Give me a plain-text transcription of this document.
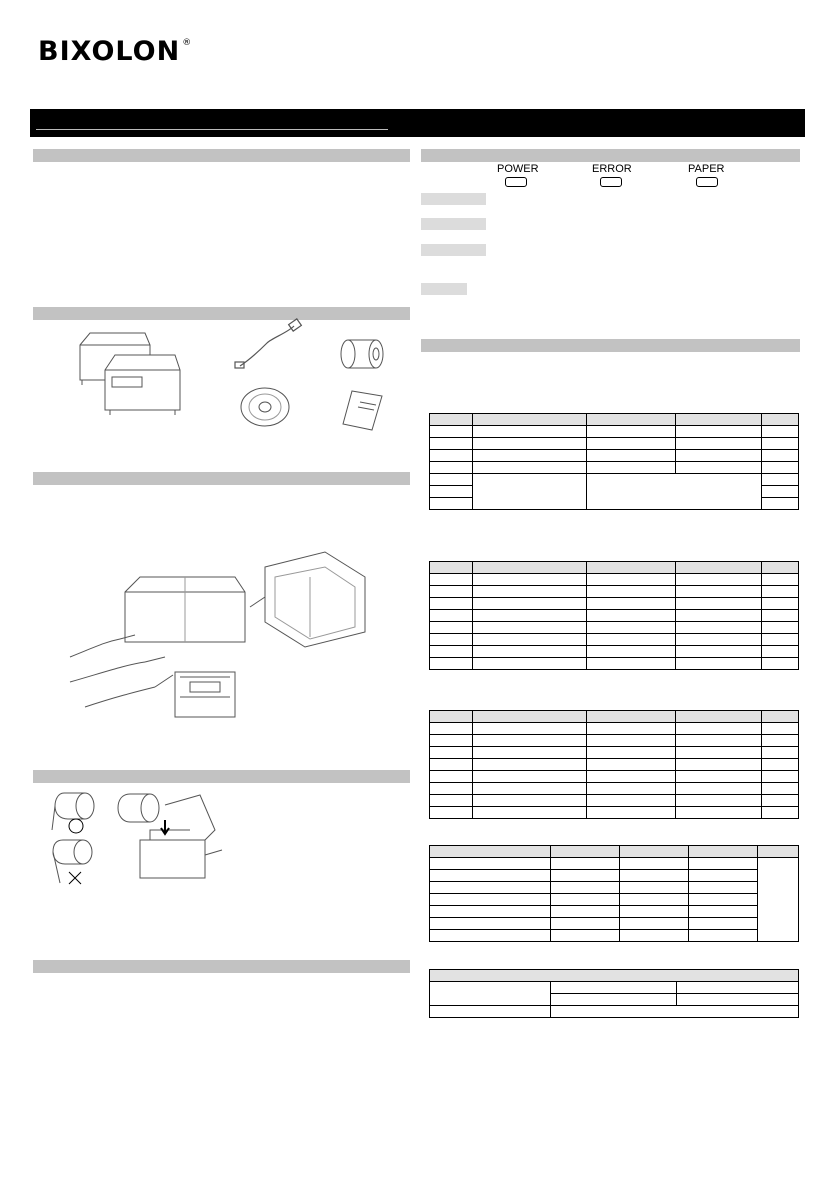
BIXOLON ®
POWER	ERROR	PAPER
